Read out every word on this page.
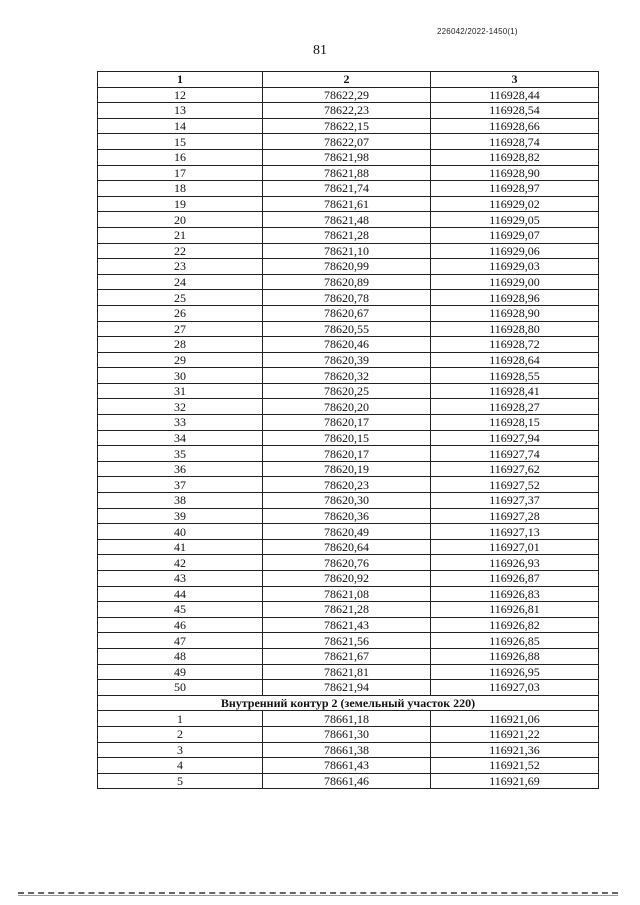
226042/2022-1450(1)
81
1	2	3
12	78622,29	116928,44
13	78622,23	116928,54
14	78622,15	116928,66
15	78622,07	116928,74
16	78621,98	116928,82
17	78621,88	116928,90
18	78621,74	116928,97
19	78621,61	116929,02
20	78621,48	116929,05
21	78621,28	116929,07
22	78621,10	116929,06
23	78620,99	116929,03
24	78620,89	116929,00
25	78620,78	116928,96
26	78620,67	116928,90
27	78620,55	116928,80
28	78620,46	116928,72
29	78620,39	116928,64
30	78620,32	116928,55
31	78620,25	116928,41
32	78620,20	116928,27
33	78620,17	116928,15
34	78620,15	116927,94
35	78620,17	116927,74
36	78620,19	116927,62
37	78620,23	116927,52
38	78620,30	116927,37
39	78620,36	116927,28
40	78620,49	116927,13
41	78620,64	116927,01
42	78620,76	116926,93
43	78620,92	116926,87
44	78621,08	116926,83
45	78621,28	116926,81
46	78621,43	116926,82
47	78621,56	116926,85
48	78621,67	116926,88
49	78621,81	116926,95
50	78621,94	116927,03
Внутренний контур 2 (земельный участок 220)		
1	78661,18	116921,06
2	78661,30	116921,22
3	78661,38	116921,36
4	78661,43	116921,52
5	78661,46	116921,69
